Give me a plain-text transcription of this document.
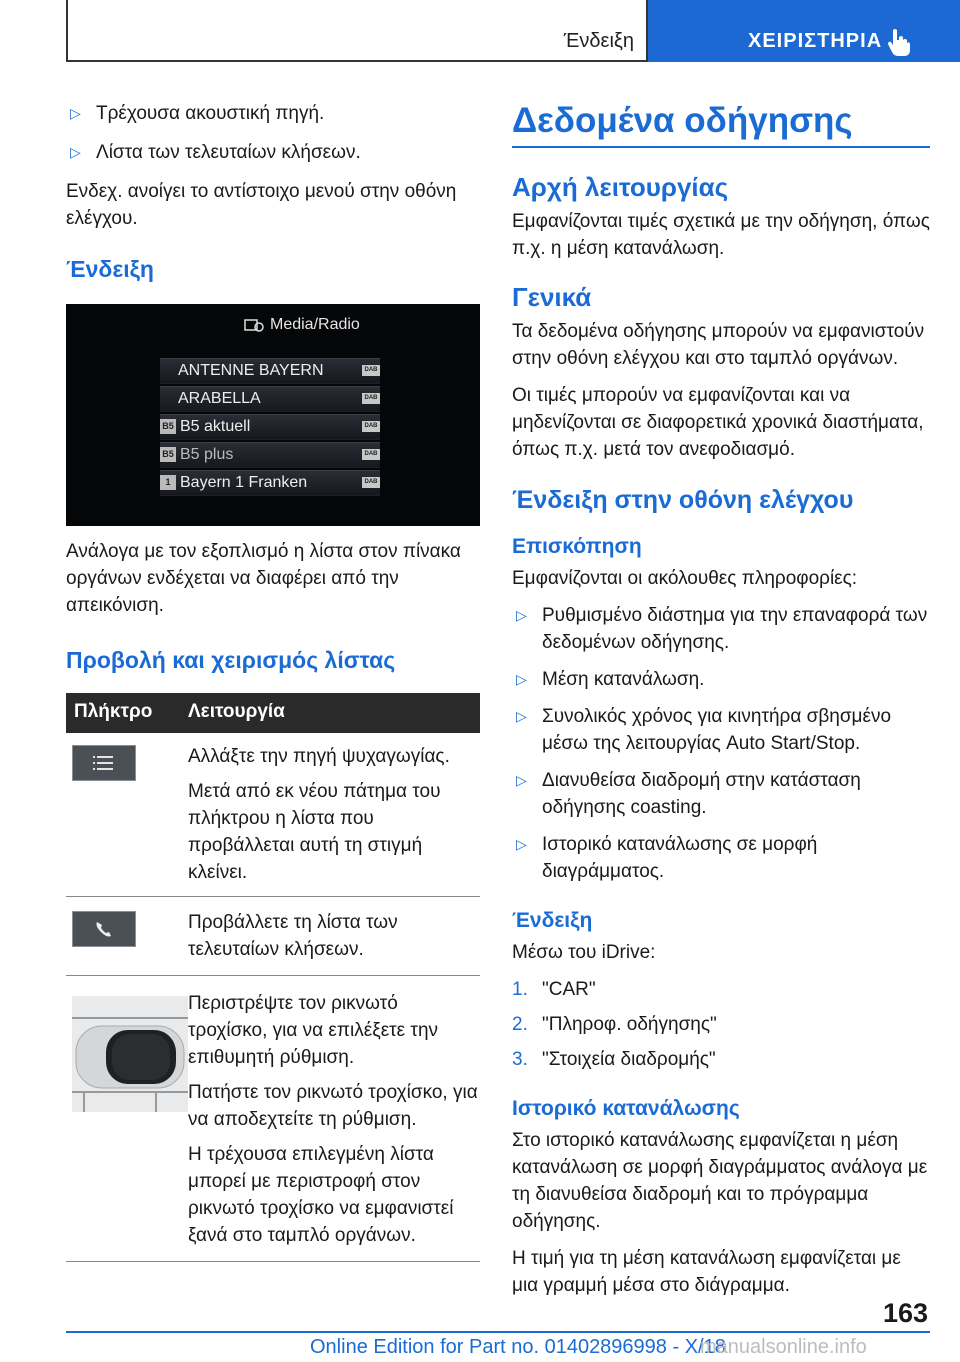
Ένδειξη	ΧΕΙΡΙΣΤΗΡΙΑ
▷ Τρέχουσα ακουστική πηγή.
▷ Λίστα των τελευταίων κλήσεων.

Ενδεχ. ανοίγει το αντίστοιχο μενού στην οθόνη ελέγχου.

Ένδειξη
Media/Radio
ANTENNE BAYERN	DAB
ARABELLA	DAB
B5 B5 aktuell	DAB
B5 B5 plus	DAB
1 Bayern 1 Franken	DAB

Ανάλογα με τον εξοπλισμό η λίστα στον πίνακα οργάνων ενδέχεται να διαφέρει από την απεικόνιση.

Προβολή και χειρισμός λίστας
Πλήκτρο Λειτουργία

Αλλάξτε την πηγή ψυχαγωγίας.

Μετά από εκ νέου πάτημα του πλήκτρου η λίστα που προβάλλεται αυτή τη στιγμή κλείνει.

Προβάλλετε τη λίστα των τελευταίων κλήσεων.

Περιστρέψτε τον ρικνωτό τροχίσκο, για να επιλέξετε την επιθυμητή ρύθμιση.

Πατήστε τον ρικνωτό τροχίσκο, για να αποδεχτείτε τη ρύθμιση.

Η τρέχουσα επιλεγμένη λίστα μπορεί με περιστροφή στον ρικνωτό τροχίσκο να εμφανιστεί ξανά στο ταμπλό οργάνων.

Δεδομένα οδήγησης
Αρχή λειτουργίας

Εμφανίζονται τιμές σχετικά με την οδήγηση, όπως π.χ. η μέση κατανάλωση.

Γενικά

Τα δεδομένα οδήγησης μπορούν να εμφανιστούν στην οθόνη ελέγχου και στο ταμπλό οργάνων.

Οι τιμές μπορούν να εμφανίζονται και να μηδενίζονται σε διαφορετικά χρονικά διαστήματα, όπως π.χ. μετά τον ανεφοδιασμό.

Ένδειξη στην οθόνη ελέγχου
Επισκόπηση

Εμφανίζονται οι ακόλουθες πληροφορίες:

▷ Ρυθμισμένο διάστημα για την επαναφορά των δεδομένων οδήγησης.
▷ Μέση κατανάλωση.
▷ Συνολικός χρόνος για κινητήρα σβησμένο μέσω της λειτουργίας Auto Start/Stop.
▷ Διανυθείσα διαδρομή στην κατάσταση οδήγησης coasting.
▷ Ιστορικό κατανάλωσης σε μορφή διαγράμματος.
Ένδειξη

Μέσω του iDrive:

1. "CAR"
2. "Πληροφ. οδήγησης"
3. "Στοιχεία διαδρομής"
Ιστορικό κατανάλωσης

Στο ιστορικό κατανάλωσης εμφανίζεται η μέση κατανάλωση σε μορφή διαγράμματος ανάλογα με τη διανυθείσα διαδρομή και το πρόγραμμα οδήγησης.

Η τιμή για τη μέση κατανάλωση εμφανίζεται με μια γραμμή μέσα στο διάγραμμα.

163
Online Edition for Part no. 01402896998 - X/18
manualsonline.info
